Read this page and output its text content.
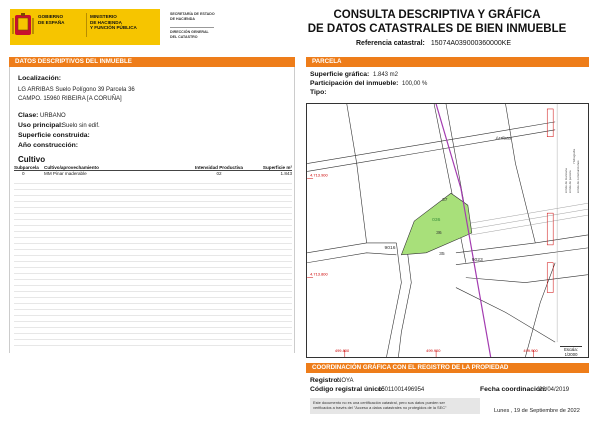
GOBIERNO
DE ESPAÑA
MINISTERIO
DE HACIENDA
Y FUNCIÓN PÚBLICA
SECRETARÍA DE ESTADO
DE HACIENDA
DIRECCIÓN GENERAL
DEL CATASTRO
CONSULTA DESCRIPTIVA Y GRÁFICA
DE DATOS CATASTRALES DE BIEN INMUEBLE
Referencia catastral: 15074A039000360000KE
DATOS DESCRIPTIVOS DEL INMUEBLE
Localización:
LG ARRIBAS Suelo Polígono 39 Parcela 36
CAMPO. 15960 RIBEIRA [A CORUÑA]
Clase: URBANO
Uso principal:
Suelo sin edif.
Superficie construida:
Año construcción:
Cultivo
Subparcela	Cultivo/aprovechamiento	Intensidad Productiva	Superficie m²
0	MM Pinar maderable	02	1.843
PARCELA
Superficie gráfica: 1.843 m2
Participación del inmueble: 100,00 %
Tipo:
Arribas
37
036
36
35
9016
9023
4.713.900
4.713.800
499.800	499.900	499.900
Límite de manzana Límite de parcela
Hidrografía
Límite de construcciones
Escala:
1/2000
COORDINACIÓN GRÁFICA CON EL REGISTRO DE LA PROPIEDAD
Registro:
NOYA
Código registral único:
15011001496954	Fecha coordinación:
23/04/2019
Este documento no es una certificación catastral, pero sus datos pueden ser
verificados a través del "Acceso a datos catastrales no protegidos de la SEC"
Lunes , 19 de Septiembre de 2022
